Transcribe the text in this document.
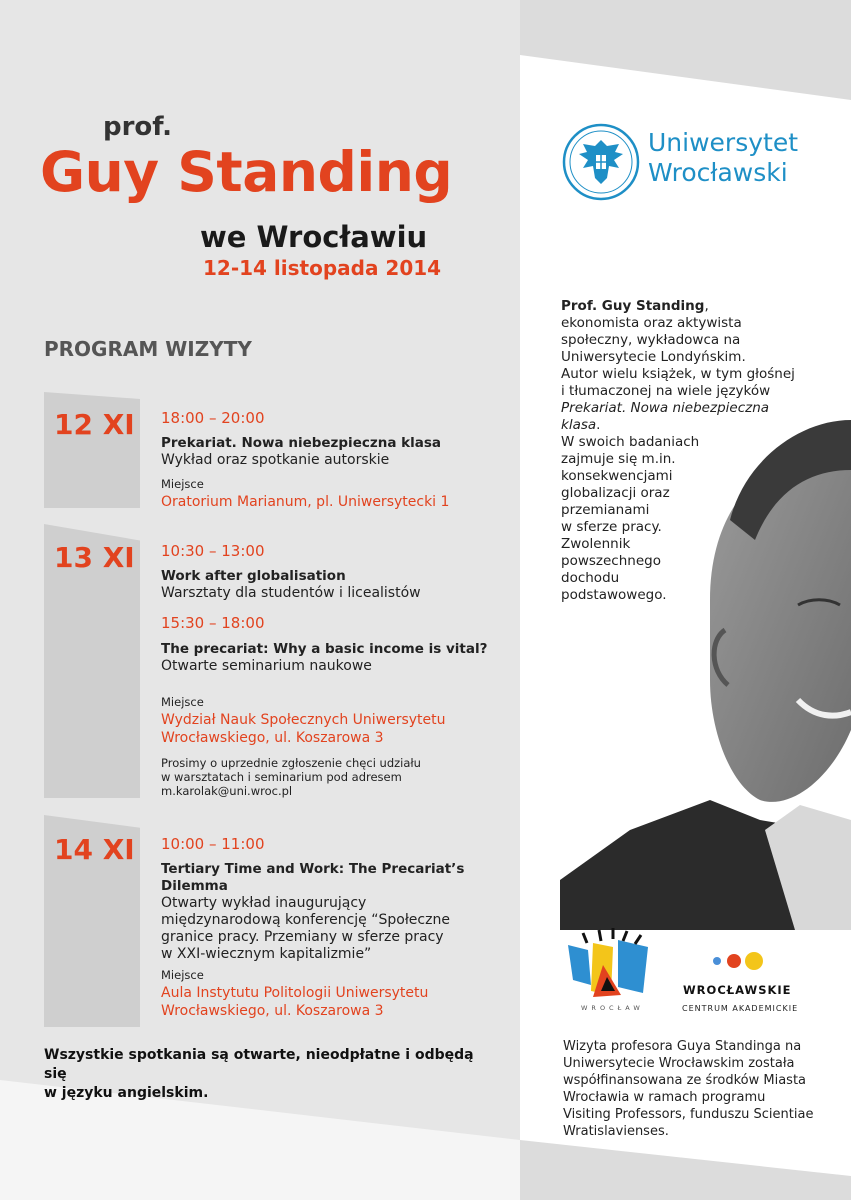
prof.
Guy Standing
we Wrocławiu
12-14 listopada 2014
PROGRAM WIZYTY
12 XI 18:00 – 20:00
Prekariat. Nowa niebezpieczna klasa
Wykład oraz spotkanie autorskie
Miejsce
Oratorium Marianum, pl. Uniwersytecki 1
13 XI 10:30 – 13:00
Work after globalisation
Warsztaty dla studentów i licealistów
15:30 – 18:00
The precariat: Why a basic income is vital?
Otwarte seminarium naukowe
Miejsce
Wydział Nauk Społecznych Uniwersytetu
Wrocławskiego, ul. Koszarowa 3
Prosimy o uprzednie zgłoszenie chęci udziału
w warsztatach i seminarium pod adresem
m.karolak@uni.wroc.pl
14 XI 10:00 – 11:00
Tertiary Time and Work: The Precariat’s
Dilemma
Otwarty wykład inaugurujący
międzynarodową konferencję “Społeczne
granice pracy. Przemiany w sferze pracy
w XXI-wiecznym kapitalizmie”
Miejsce
Aula Instytutu Politologii Uniwersytetu
Wrocławskiego, ul. Koszarowa 3
Wszystkie spotkania są otwarte, nieodpłatne i odbędą się
w języku angielskim.
Uniwersytet
Wrocławski
Prof. Guy Standing,
ekonomista oraz aktywista
społeczny, wykładowca na
Uniwersytecie Londyńskim.
Autor wielu książek, w tym głośnej
i tłumaczonej na wiele języków
Prekariat. Nowa niebezpieczna
klasa.
W swoich badaniach
zajmuje się m.in.
konsekwencjami
globalizacji oraz
przemianami
w sferze pracy.
Zwolennik
powszechnego
dochodu
podstawowego.
WROCŁAW
WROCŁAWSKIE
CENTRUM AKADEMICKIE
Wizyta profesora Guya Standinga na
Uniwersytecie Wrocławskim została
współfinansowana ze środków Miasta
Wrocławia w ramach programu
Visiting Professors, funduszu Scientiae
Wratislavienses.
